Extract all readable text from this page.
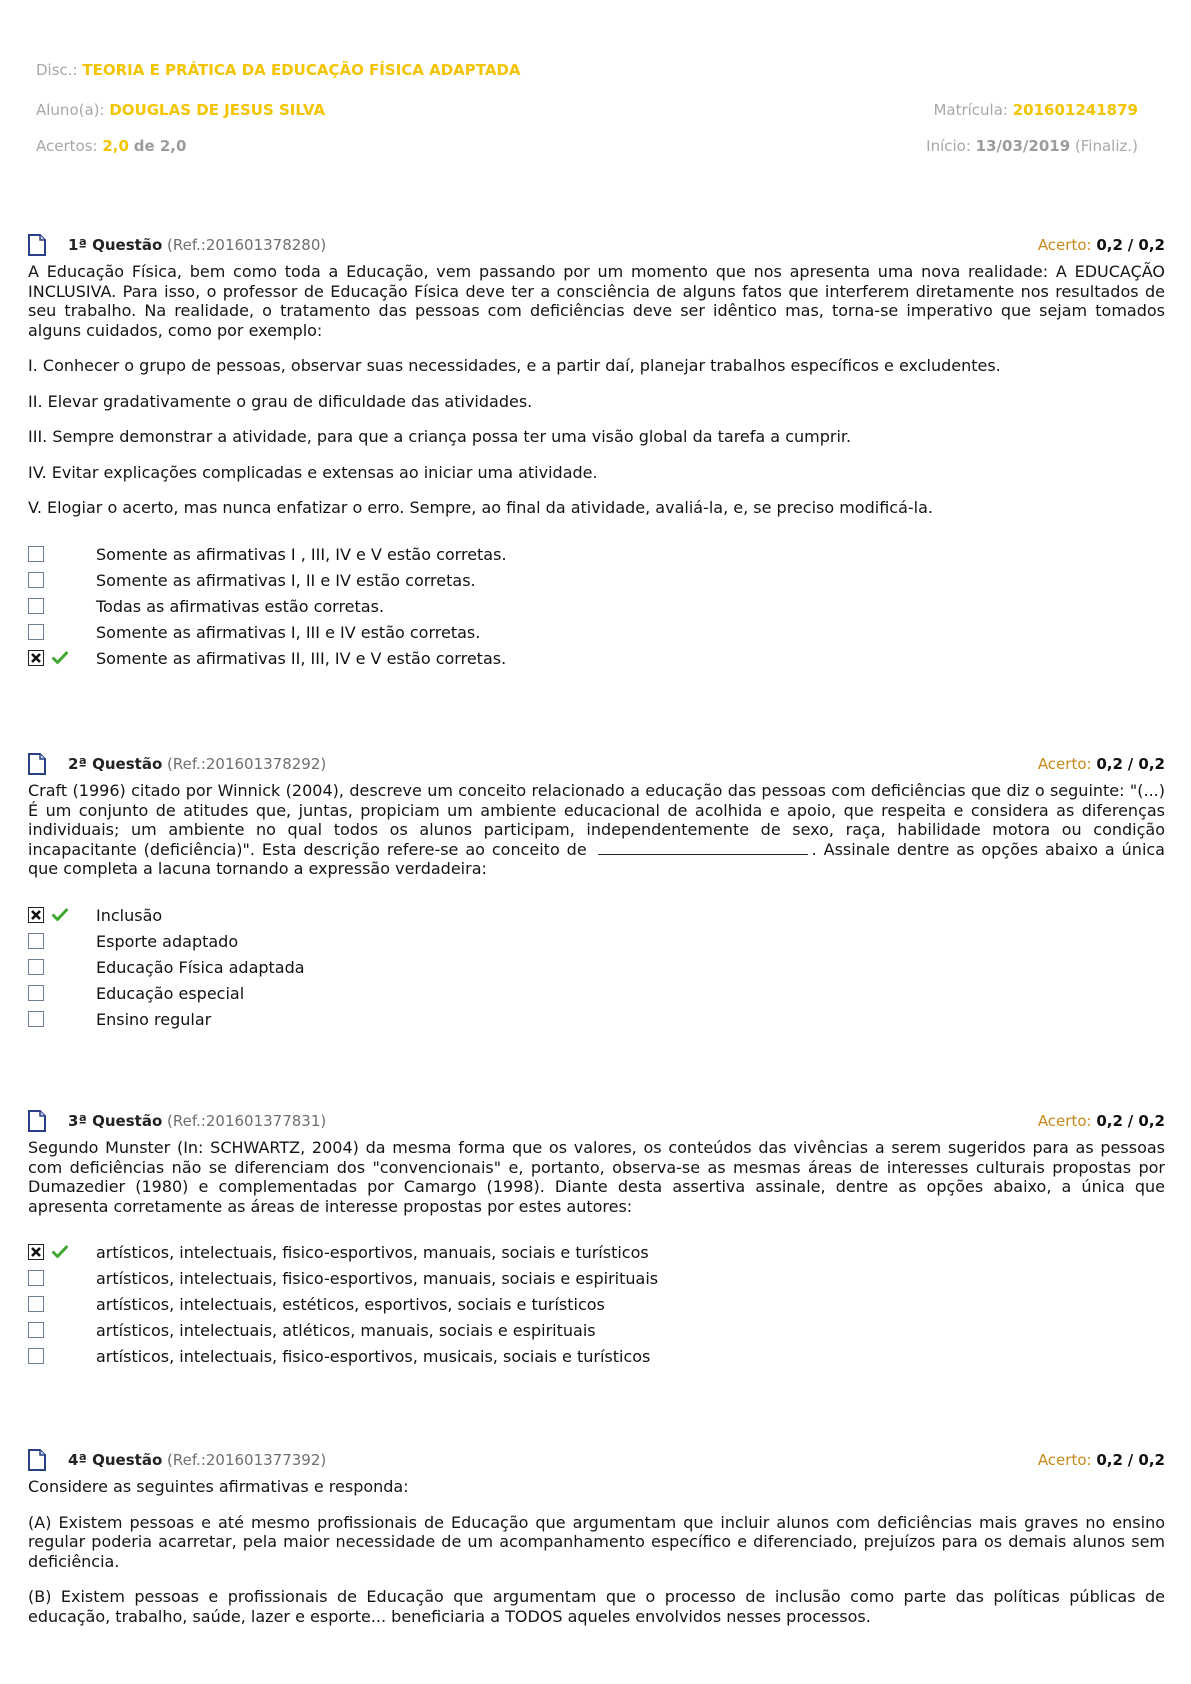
Disc.: TEORIA E PRÁTICA DA EDUCAÇÃO FÍSICA ADAPTADA
Aluno(a): DOUGLAS DE JESUS SILVA	Matrícula: 201601241879
Acertos: 2,0 de 2,0	Início: 13/03/2019 (Finaliz.)
1ª Questão (Ref.:201601378280)	Acerto: 0,2 / 0,2

A Educação Física, bem como toda a Educação, vem passando por um momento que nos apresenta uma nova realidade: A EDUCAÇÃO INCLUSIVA. Para isso, o professor de Educação Física deve ter a consciência de alguns fatos que interferem diretamente nos resultados de seu trabalho. Na realidade, o tratamento das pessoas com deficiências deve ser idêntico mas, torna-se imperativo que sejam tomados alguns cuidados, como por exemplo:

I. Conhecer o grupo de pessoas, observar suas necessidades, e a partir daí, planejar trabalhos específicos e excludentes.

II. Elevar gradativamente o grau de dificuldade das atividades.

III. Sempre demonstrar a atividade, para que a criança possa ter uma visão global da tarefa a cumprir.

IV. Evitar explicações complicadas e extensas ao iniciar uma atividade.

V. Elogiar o acerto, mas nunca enfatizar o erro. Sempre, ao final da atividade, avaliá-la, e, se preciso modificá-la.

Somente as afirmativas I , III, IV e V estão corretas.
Somente as afirmativas I, II e IV estão corretas.
Todas as afirmativas estão corretas.
Somente as afirmativas I, III e IV estão corretas.
Somente as afirmativas II, III, IV e V estão corretas.
2ª Questão (Ref.:201601378292)	Acerto: 0,2 / 0,2

Craft (1996) citado por Winnick (2004), descreve um conceito relacionado a educação das pessoas com deficiências que diz o seguinte: "(...) É um conjunto de atitudes que, juntas, propiciam um ambiente educacional de acolhida e apoio, que respeita e considera as diferenças individuais; um ambiente no qual todos os alunos participam, independentemente de sexo, raça, habilidade motora ou condição incapacitante (deficiência)". Esta descrição refere-se ao conceito de	. Assinale dentre as opções abaixo a única que completa a lacuna tornando a expressão verdadeira:

Inclusão
Esporte adaptado
Educação Física adaptada
Educação especial
Ensino regular
3ª Questão (Ref.:201601377831)	Acerto: 0,2 / 0,2

Segundo Munster (In: SCHWARTZ, 2004) da mesma forma que os valores, os conteúdos das vivências a serem sugeridos para as pessoas com deficiências não se diferenciam dos "convencionais" e, portanto, observa-se as mesmas áreas de interesses culturais propostas por Dumazedier (1980) e complementadas por Camargo (1998). Diante desta assertiva assinale, dentre as opções abaixo, a única que apresenta corretamente as áreas de interesse propostas por estes autores:

artísticos, intelectuais, fisico-esportivos, manuais, sociais e turísticos
artísticos, intelectuais, fisico-esportivos, manuais, sociais e espirituais
artísticos, intelectuais, estéticos, esportivos, sociais e turísticos
artísticos, intelectuais, atléticos, manuais, sociais e espirituais
artísticos, intelectuais, fisico-esportivos, musicais, sociais e turísticos
4ª Questão (Ref.:201601377392)	Acerto: 0,2 / 0,2

Considere as seguintes afirmativas e responda:

(A) Existem pessoas e até mesmo profissionais de Educação que argumentam que incluir alunos com deficiências mais graves no ensino regular poderia acarretar, pela maior necessidade de um acompanhamento específico e diferenciado, prejuízos para os demais alunos sem deficiência.

(B) Existem pessoas e profissionais de Educação que argumentam que o processo de inclusão como parte das políticas públicas de educação, trabalho, saúde, lazer e esporte... beneficiaria a TODOS aqueles envolvidos nesses processos.
